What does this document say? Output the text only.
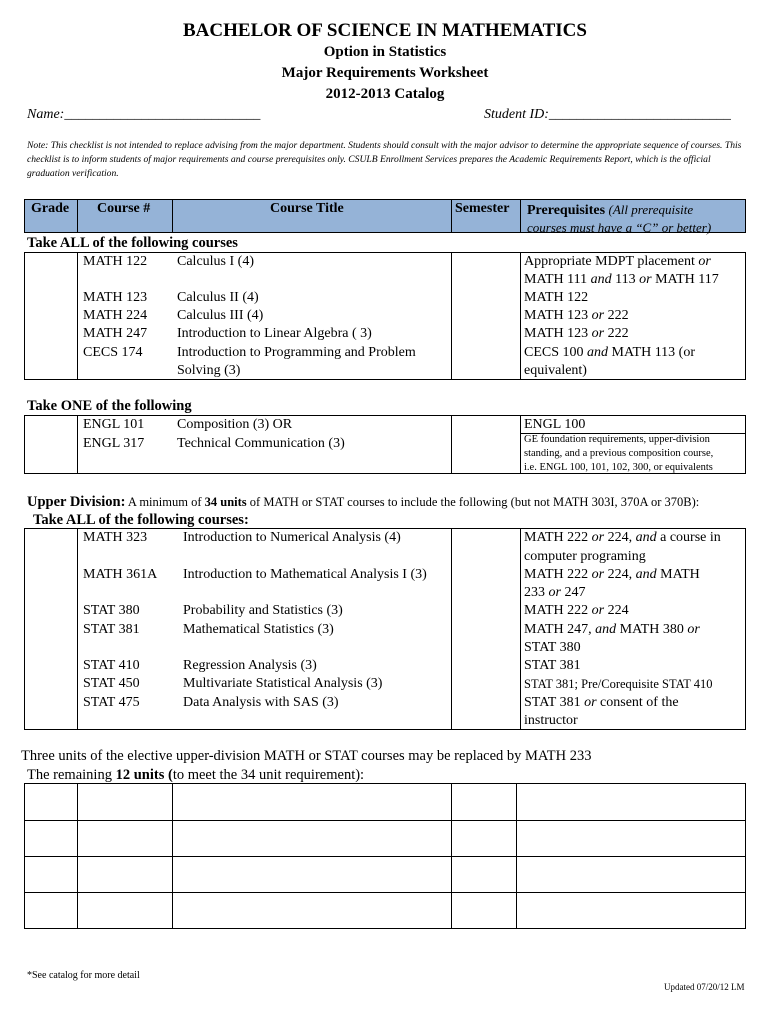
BACHELOR OF SCIENCE IN MATHEMATICS
Option in Statistics
Major Requirements Worksheet
2012-2013 Catalog
Name:____________________________	Student ID:__________________________
Note: This checklist is not intended to replace advising from the major department. Students should consult with the major advisor to determine the appropriate sequence of courses. This checklist is to inform students of major requirements and course prerequisites only. CSULB Enrollment Services prepares the Academic Requirements Report, which is the official graduation verification.
Grade Course #	Course Title	Semester Prerequisites (All prerequisite
courses must have a “C” or better)
Take ALL of the following courses
MATH 122 Calculus I (4)	Appropriate MDPT placement or
MATH 111 and 113 or MATH 117
MATH 123 Calculus II (4)	MATH 122
MATH 224 Calculus III (4)	MATH 123 or 222
MATH 247 Introduction to Linear Algebra ( 3)	MATH 123 or 222
CECS 174 Introduction to Programming and Problem	CECS 100 and MATH 113 (or
Solving (3)	equivalent)
Take ONE of the following
ENGL 101 Composition (3) OR	ENGL 100
ENGL 317 Technical Communication (3)	GE foundation requirements, upper-division
standing, and a previous composition course,
i.e. ENGL 100, 101, 102, 300, or equivalents
Upper Division: A minimum of 34 units of MATH or STAT courses to include the following (but not MATH 303I, 370A or 370B):
Take ALL of the following courses:
MATH 323	Introduction to Numerical Analysis (4)	MATH 222 or 224, and a course in
computer programing
MATH 361A Introduction to Mathematical Analysis I (3)	MATH 222 or 224, and MATH
233 or 247
STAT 380	Probability and Statistics (3)	MATH 222 or 224
STAT 381	Mathematical Statistics (3)	MATH 247, and MATH 380 or
STAT 380
STAT 410	Regression Analysis (3)	STAT 381
STAT 450	Multivariate Statistical Analysis (3)	STAT 381; Pre/Corequisite STAT 410
STAT 475	Data Analysis with SAS (3)	STAT 381 or consent of the
instructor
Three units of the elective upper-division MATH or STAT courses may be replaced by MATH 233
The remaining 12 units (to meet the 34 unit requirement):
*See catalog for more detail
Updated 07/20/12 LM
